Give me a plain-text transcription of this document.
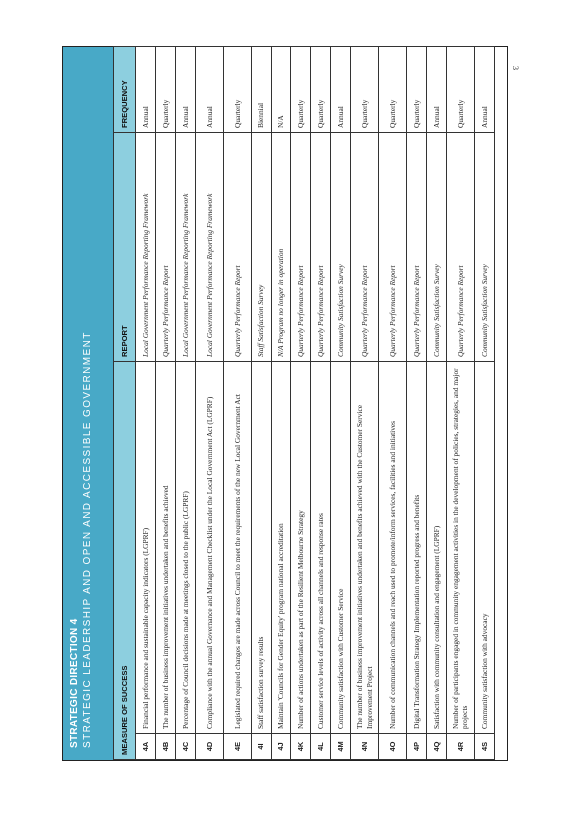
3
STRATEGIC DIRECTION 4 STRATEGIC LEADERSHIP AND OPEN AND ACCESSIBLE GOVERNMENT	MEASURE OF SUCCESS		REPORT	FREQUENCY
4A	Financial performance and sustainable capacity indicators (LGPRF)	Local Government Performance Reporting Framework	Annual
4B	The number of business improvement initiatives undertaken and benefits achieved	Quarterly Performance Report	Quarterly
4C	Percentage of Council decisions made at meetings closed to the public (LGPRF)	Local Government Performance Reporting Framework	Annual
4D	Compliance with the annual Governance and Management Checklist under the Local Government Act (LGPRF)	Local Government Performance Reporting Framework	Annual
4E	Legislated required changes are made across Council to meet the requirements of the new Local Government Act	Quarterly Performance Report	Quarterly
4I	Staff satisfaction survey results	Staff Satisfaction Survey	Biennial
4J	Maintain 'Councils for Gender Equity' program national accreditation	N/A Program no longer in operation	N/A
4K	Number of actions undertaken as part of the Resilient Melbourne Strategy	Quarterly Performance Report	Quarterly
4L	Customer service levels of activity across all channels and response rates	Quarterly Performance Report	Quarterly
4M	Community satisfaction with Customer Service	Community Satisfaction Survey	Annual
4N	The number of business improvement initiatives undertaken and benefits achieved with the Customer Service Improvement Project	Quarterly Performance Report	Quarterly
4O	Number of communication channels and reach used to promote/inform services, facilities and initiatives	Quarterly Performance Report	Quarterly
4P	Digital Transformation Strategy Implementation reported progress and benefits	Quarterly Performance Report	Quarterly
4Q	Satisfaction with community consultation and engagement (LGPRF)	Community Satisfaction Survey	Annual
4R	Number of participants engaged in community engagement activities in the development of policies, strategies, and major projects	Quarterly Performance Report	Quarterly
4S	Community satisfaction with advocacy	Community Satisfaction Survey	Annual
